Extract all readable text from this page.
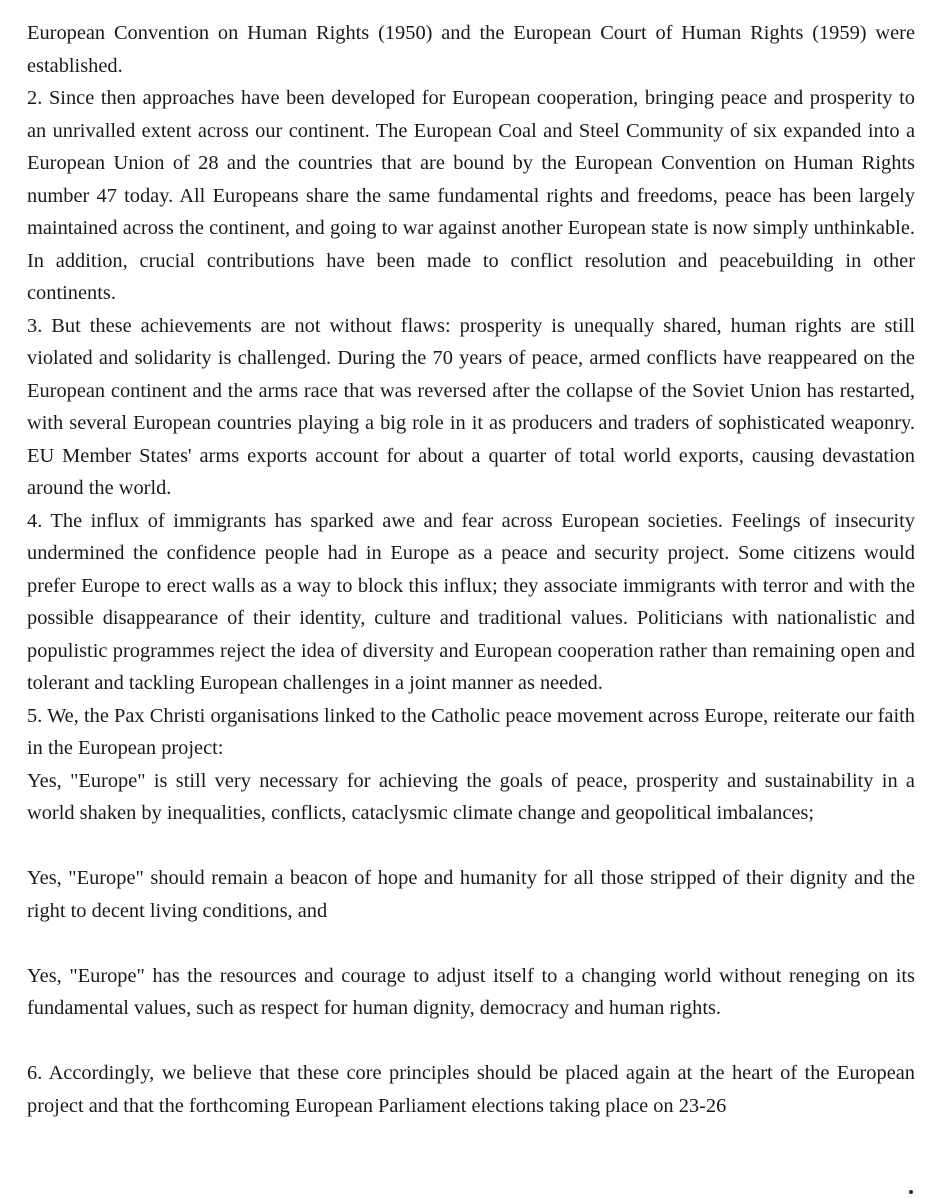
European Convention on Human Rights (1950) and the European Court of Human Rights (1959) were established.

2. Since then approaches have been developed for European cooperation, bringing peace and prosperity to an unrivalled extent across our continent. The European Coal and Steel Community of six expanded into a European Union of 28 and the countries that are bound by the European Convention on Human Rights number 47 today. All Europeans share the same fundamental rights and freedoms, peace has been largely maintained across the continent, and going to war against another European state is now simply unthinkable. In addition, crucial contributions have been made to conflict resolution and peacebuilding in other continents.

3. But these achievements are not without flaws: prosperity is unequally shared, human rights are still violated and solidarity is challenged. During the 70 years of peace, armed conflicts have reappeared on the European continent and the arms race that was reversed after the collapse of the Soviet Union has restarted, with several European countries playing a big role in it as producers and traders of sophisticated weaponry. EU Member States' arms exports account for about a quarter of total world exports, causing devastation around the world.

4. The influx of immigrants has sparked awe and fear across European societies. Feelings of insecurity undermined the confidence people had in Europe as a peace and security project. Some citizens would prefer Europe to erect walls as a way to block this influx; they associate immigrants with terror and with the possible disappearance of their identity, culture and traditional values. Politicians with nationalistic and populistic programmes reject the idea of diversity and European cooperation rather than remaining open and tolerant and tackling European challenges in a joint manner as needed.

5. We, the Pax Christi organisations linked to the Catholic peace movement across Europe, reiterate our faith in the European project:

Yes, "Europe" is still very necessary for achieving the goals of peace, prosperity and sustainability in a world shaken by inequalities, conflicts, cataclysmic climate change and geopolitical imbalances;

Yes, "Europe" should remain a beacon of hope and humanity for all those stripped of their dignity and the right to decent living conditions, and

Yes, "Europe" has the resources and courage to adjust itself to a changing world without reneging on its fundamental values, such as respect for human dignity, democracy and human rights.

6. Accordingly, we believe that these core principles should be placed again at the heart of the European project and that the forthcoming European Parliament elections taking place on 23-26
